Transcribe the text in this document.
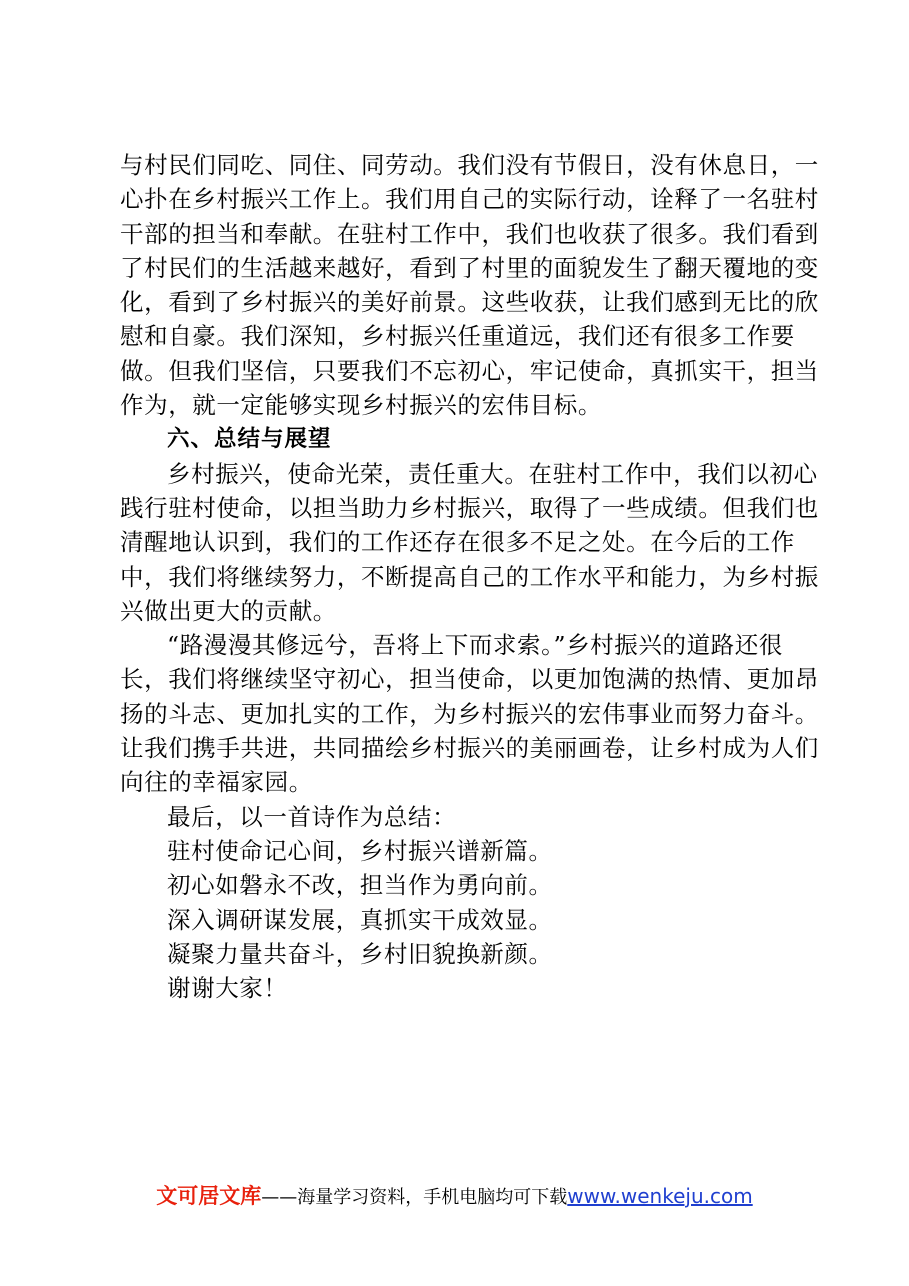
与村民们同吃、同住、同劳动。我们没有节假日，没有休息日，一心扑在乡村振兴工作上。我们用自己的实际行动，诠释了一名驻村干部的担当和奉献。在驻村工作中，我们也收获了很多。我们看到了村民们的生活越来越好，看到了村里的面貌发生了翻天覆地的变化，看到了乡村振兴的美好前景。这些收获，让我们感到无比的欣慰和自豪。我们深知，乡村振兴任重道远，我们还有很多工作要做。但我们坚信，只要我们不忘初心，牢记使命，真抓实干，担当作为，就一定能够实现乡村振兴的宏伟目标。

六、总结与展望

乡村振兴，使命光荣，责任重大。在驻村工作中，我们以初心践行驻村使命，以担当助力乡村振兴，取得了一些成绩。但我们也清醒地认识到，我们的工作还存在很多不足之处。在今后的工作中，我们将继续努力，不断提高自己的工作水平和能力，为乡村振兴做出更大的贡献。

“路漫漫其修远兮，吾将上下而求索。”乡村振兴的道路还很长，我们将继续坚守初心，担当使命，以更加饱满的热情、更加昂扬的斗志、更加扎实的工作，为乡村振兴的宏伟事业而努力奋斗。让我们携手共进，共同描绘乡村振兴的美丽画卷，让乡村成为人们向往的幸福家园。

最后，以一首诗作为总结：

驻村使命记心间，乡村振兴谱新篇。

初心如磐永不改，担当作为勇向前。

深入调研谋发展，真抓实干成效显。

凝聚力量共奋斗，乡村旧貌换新颜。

谢谢大家！

文可居文库——海量学习资料，手机电脑均可下载www.wenkeju.com
